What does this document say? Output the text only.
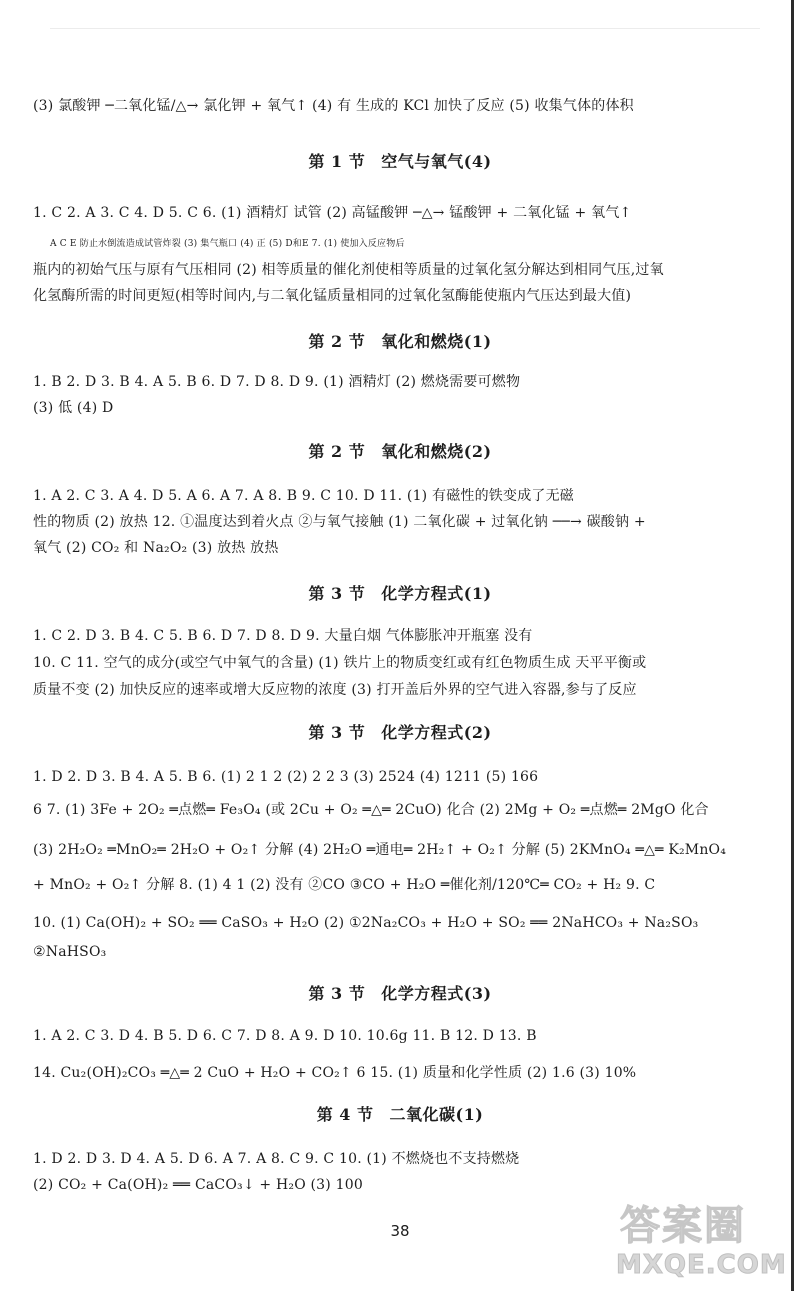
(3) 氯酸钾 ─二氧化锰/△→ 氯化钾 + 氧气↑ (4) 有 生成的 KCl 加快了反应 (5) 收集气体的体积
第 1 节 空气与氧气(4)
1. C 2. A 3. C 4. D 5. C 6. (1) 酒精灯 试管 (2) 高锰酸钾 ─△→ 锰酸钾 + 二氧化锰 + 氧气↑
A C E 防止水倒流造成试管炸裂 (3) 集气瓶口 (4) 正 (5) D和E 7. (1) 使加入反应物后
瓶内的初始气压与原有气压相同 (2) 相等质量的催化剂使相等质量的过氧化氢分解达到相同气压,过氧
化氢酶所需的时间更短(相等时间内,与二氧化锰质量相同的过氧化氢酶能使瓶内气压达到最大值)
第 2 节 氧化和燃烧(1)
1. B 2. D 3. B 4. A 5. B 6. D 7. D 8. D 9. (1) 酒精灯 (2) 燃烧需要可燃物
(3) 低 (4) D
第 2 节 氧化和燃烧(2)
1. A 2. C 3. A 4. D 5. A 6. A 7. A 8. B 9. C 10. D 11. (1) 有磁性的铁变成了无磁
性的物质 (2) 放热 12. ①温度达到着火点 ②与氧气接触 (1) 二氧化碳 + 过氧化钠 ──→ 碳酸钠 +
氧气 (2) CO₂ 和 Na₂O₂ (3) 放热 放热
第 3 节 化学方程式(1)
1. C 2. D 3. B 4. C 5. B 6. D 7. D 8. D 9. 大量白烟 气体膨胀冲开瓶塞 没有
10. C 11. 空气的成分(或空气中氧气的含量) (1) 铁片上的物质变红或有红色物质生成 天平平衡或
质量不变 (2) 加快反应的速率或增大反应物的浓度 (3) 打开盖后外界的空气进入容器,参与了反应
第 3 节 化学方程式(2)
1. D 2. D 3. B 4. A 5. B 6. (1) 2 1 2 (2) 2 2 3 (3) 2524 (4) 1211 (5) 166
6 7. (1) 3Fe + 2O₂ ═点燃═ Fe₃O₄ (或 2Cu + O₂ ═△═ 2CuO) 化合 (2) 2Mg + O₂ ═点燃═ 2MgO 化合
(3) 2H₂O₂ ═MnO₂═ 2H₂O + O₂↑ 分解 (4) 2H₂O ═通电═ 2H₂↑ + O₂↑ 分解 (5) 2KMnO₄ ═△═ K₂MnO₄
+ MnO₂ + O₂↑ 分解 8. (1) 4 1 (2) 没有 ②CO ③CO + H₂O ═催化剂/120℃═ CO₂ + H₂ 9. C
10. (1) Ca(OH)₂ + SO₂ ══ CaSO₃ + H₂O (2) ①2Na₂CO₃ + H₂O + SO₂ ══ 2NaHCO₃ + Na₂SO₃
②NaHSO₃
第 3 节 化学方程式(3)
1. A 2. C 3. D 4. B 5. D 6. C 7. D 8. A 9. D 10. 10.6g 11. B 12. D 13. B
14. Cu₂(OH)₂CO₃ ═△═ 2 CuO + H₂O + CO₂↑ 6 15. (1) 质量和化学性质 (2) 1.6 (3) 10%
第 4 节 二氧化碳(1)
1. D 2. D 3. D 4. A 5. D 6. A 7. A 8. C 9. C 10. (1) 不燃烧也不支持燃烧
(2) CO₂ + Ca(OH)₂ ══ CaCO₃↓ + H₂O (3) 100
38	答案圈
MXQE.COM
